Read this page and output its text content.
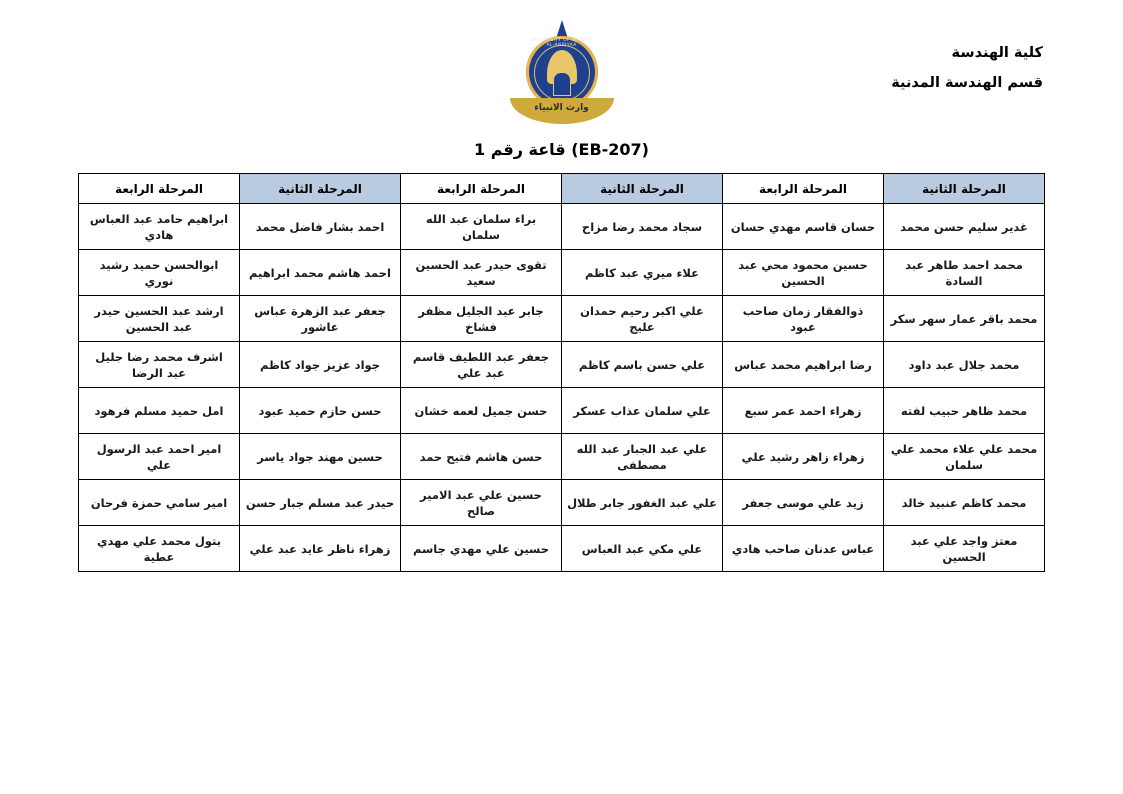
كلية الهندسة
قسم الهندسة المدنية
UNIVERSITY OF WARITH AL-ANBIYAA
وارث الانبياء
(EB-207) قاعة رقم 1
المرحلة الثانية	المرحلة الرابعة	المرحلة الثانية	المرحلة الرابعة	المرحلة الثانية	المرحلة الرابعة
غدير سليم حسن محمد	حسان قاسم مهدي حسان	سجاد محمد رضا مزاح	براء سلمان عبد الله سلمان	احمد بشار فاضل محمد	ابراهيم حامد عبد العباس هادي
محمد احمد طاهر عبد السادة	حسين محمود محي عبد الحسين	علاء ميري عبد كاظم	تقوى حيدر عبد الحسين سعيد	احمد هاشم محمد ابراهيم	ابوالحسن حميد رشيد نوري
محمد باقر عمار سهر سكر	ذوالفقار زمان صاحب عبود	علي اكبر رحيم حمدان عليج	جابر عبد الجليل مظفر فشاخ	جعفر عبد الزهرة عباس عاشور	ارشد عبد الحسين حيدر عبد الحسين
محمد جلال عبد داود	رضا ابراهيم محمد عباس	علي حسن باسم كاظم	جعفر عبد اللطيف قاسم عبد علي	جواد عزيز جواد كاظم	اشرف محمد رضا جليل عبد الرضا
محمد ظاهر حبيب لفته	زهراء احمد عمر سبع	علي سلمان عذاب عسكر	حسن جميل لعمه خشان	حسن حازم حميد عبود	امل حميد مسلم فرهود
محمد علي علاء محمد علي سلمان	زهراء زاهر رشيد علي	علي عبد الجبار عبد الله مصطفى	حسن هاشم فتيح حمد	حسين مهند جواد ياسر	امير احمد عبد الرسول علي
محمد كاظم عنبيد خالد	زيد علي موسى جعفر	علي عبد الغفور جابر طلال	حسين علي عبد الامير صالح	حيدر عبد مسلم جبار حسن	امير سامي حمزة فرحان
معتز واجد علي عبد الحسين	عباس عدنان صاحب هادي	علي مكي عبد العباس	حسين علي مهدي جاسم	زهراء ناظر عايد عبد علي	بتول محمد علي مهدي عطية
